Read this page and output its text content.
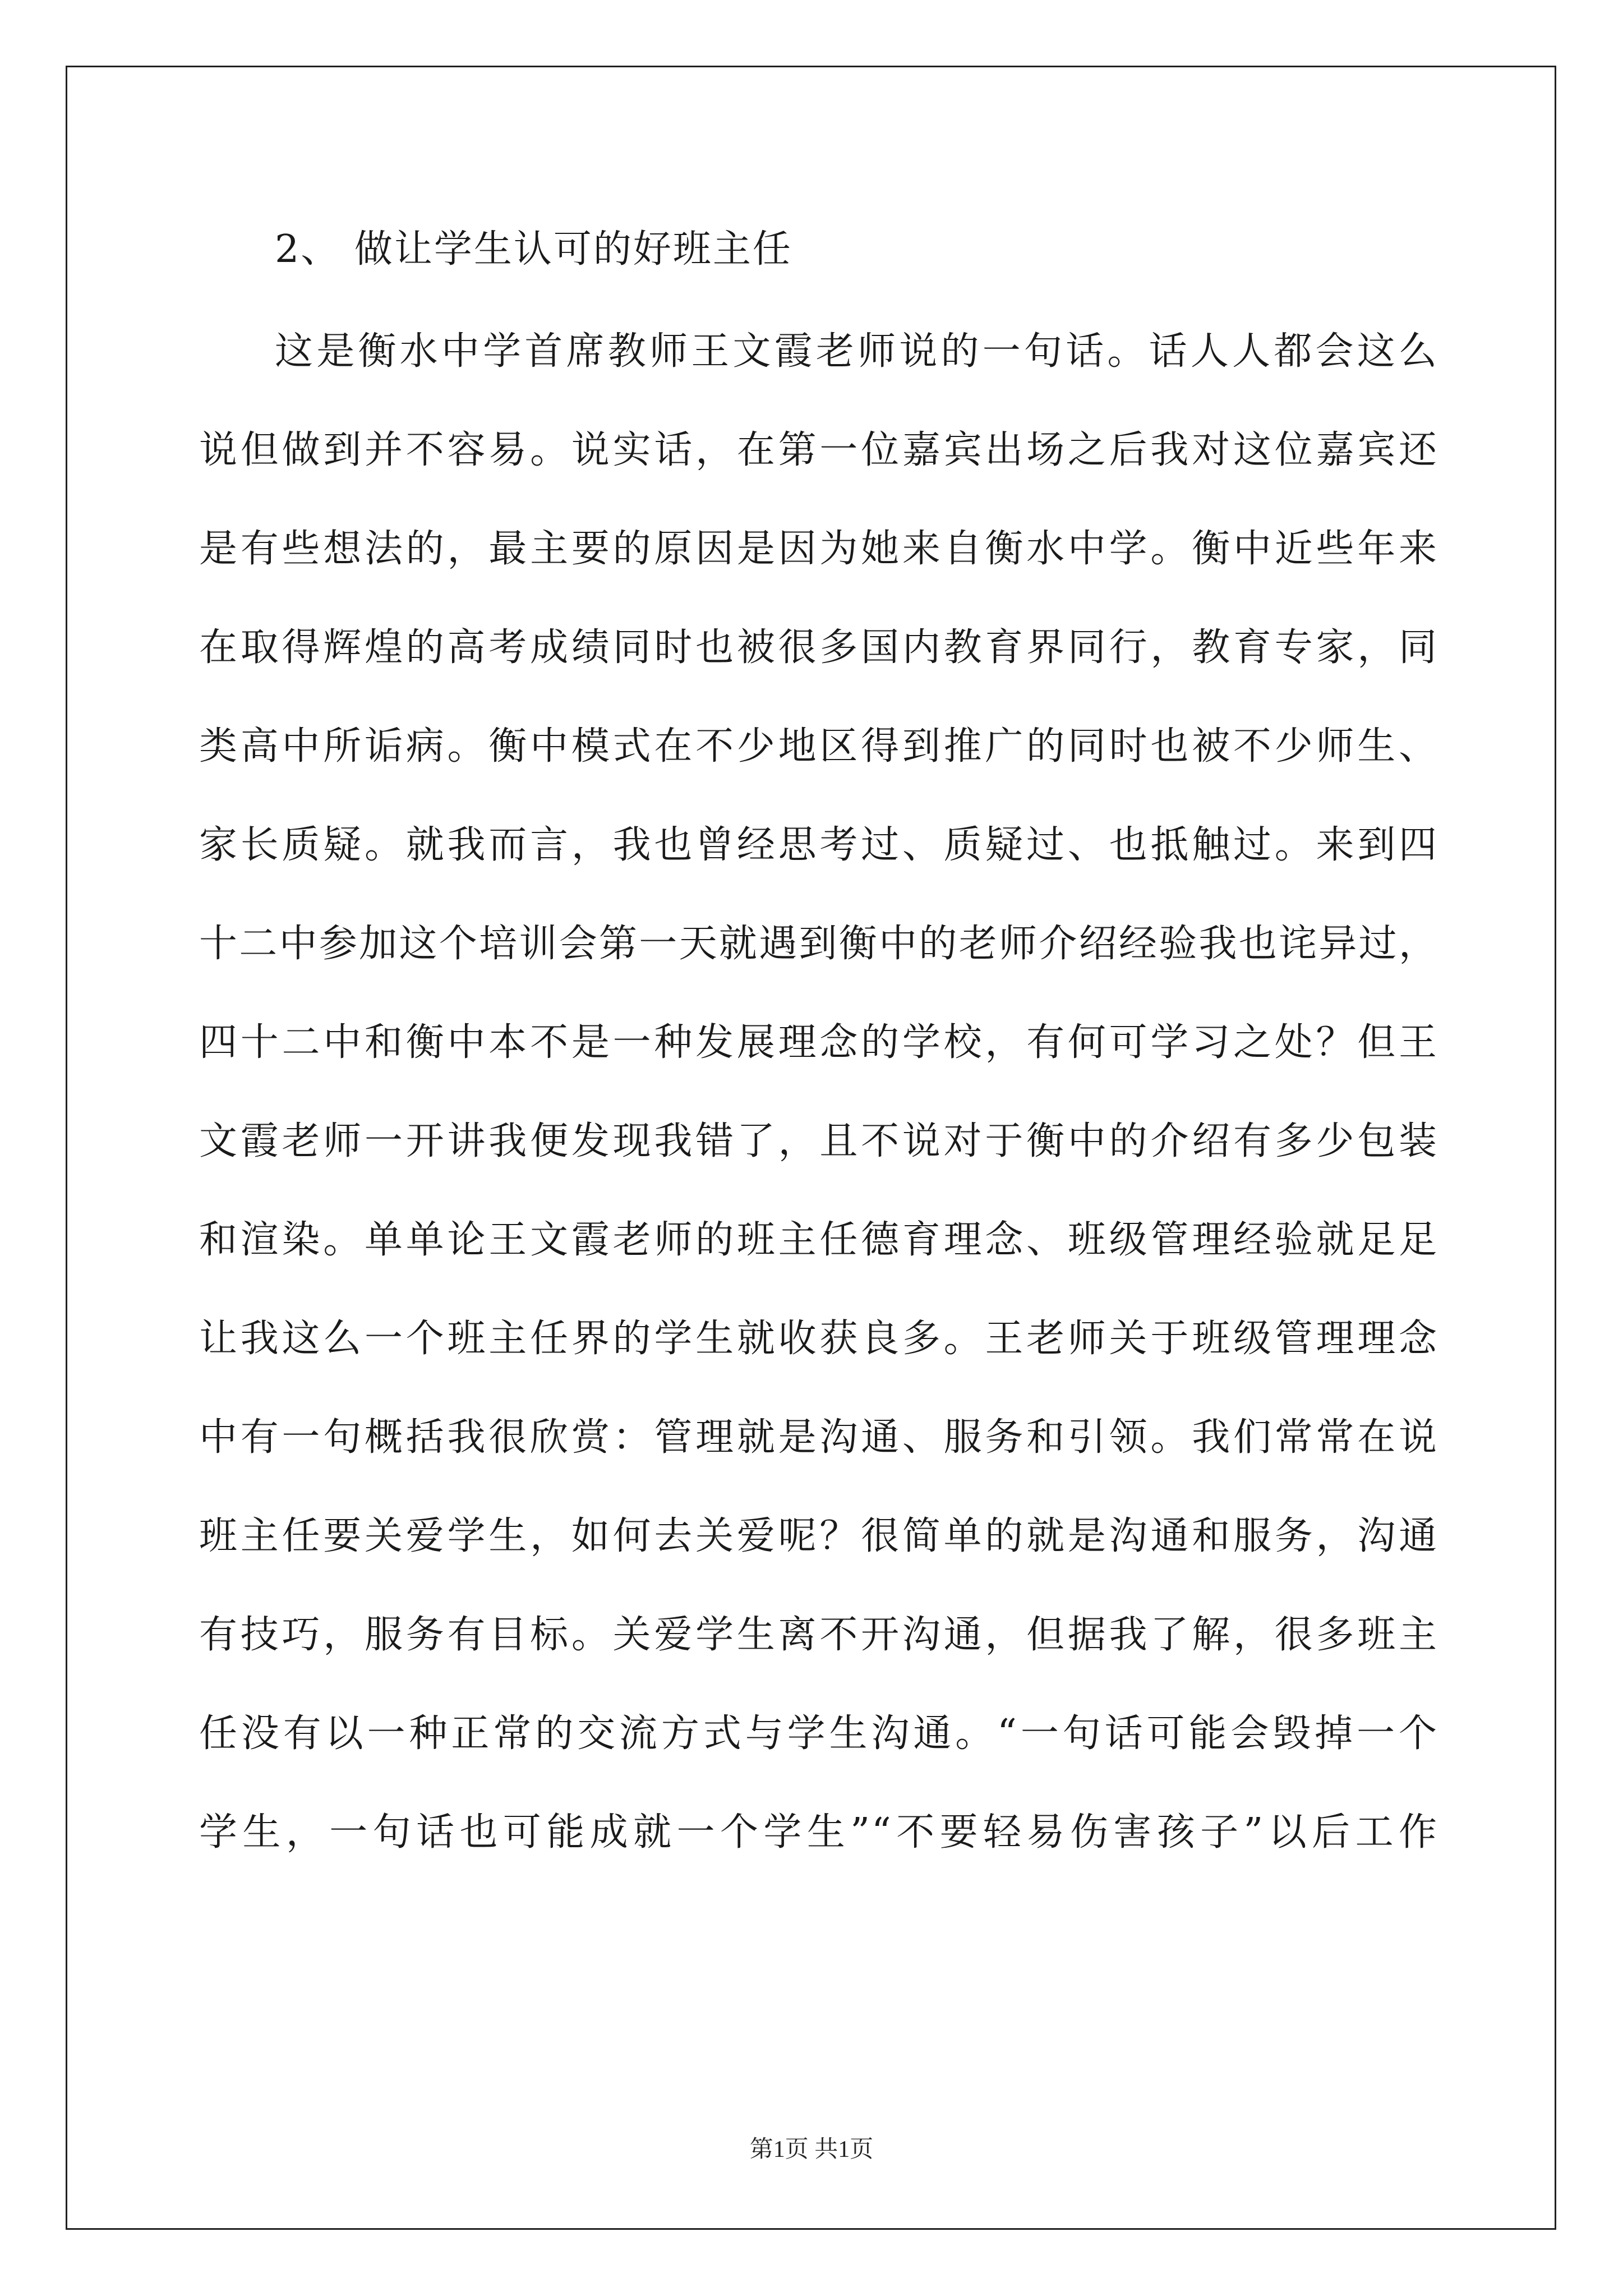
2、 做让学生认可的好班主任
这是衡水中学首席教师王文霞老师说的一句话。话人人都会这么
说但做到并不容易。说实话，在第一位嘉宾出场之后我对这位嘉宾还
是有些想法的，最主要的原因是因为她来自衡水中学。衡中近些年来
在取得辉煌的高考成绩同时也被很多国内教育界同行，教育专家，同
类高中所诟病。衡中模式在不少地区得到推广的同时也被不少师生、
家长质疑。就我而言，我也曾经思考过、质疑过、也抵触过。来到四
十二中参加这个培训会第一天就遇到衡中的老师介绍经验我也诧异过，
四十二中和衡中本不是一种发展理念的学校，有何可学习之处？但王
文霞老师一开讲我便发现我错了，且不说对于衡中的介绍有多少包装
和渲染。单单论王文霞老师的班主任德育理念、班级管理经验就足足
让我这么一个班主任界的学生就收获良多。王老师关于班级管理理念
中有一句概括我很欣赏：管理就是沟通、服务和引领。我们常常在说
班主任要关爱学生，如何去关爱呢？很简单的就是沟通和服务，沟通
有技巧，服务有目标。关爱学生离不开沟通，但据我了解，很多班主
任没有以一种正常的交流方式与学生沟通。“一句话可能会毁掉一个
学生，一句话也可能成就一个学生”“不要轻易伤害孩子”以后工作
第1页 共1页
